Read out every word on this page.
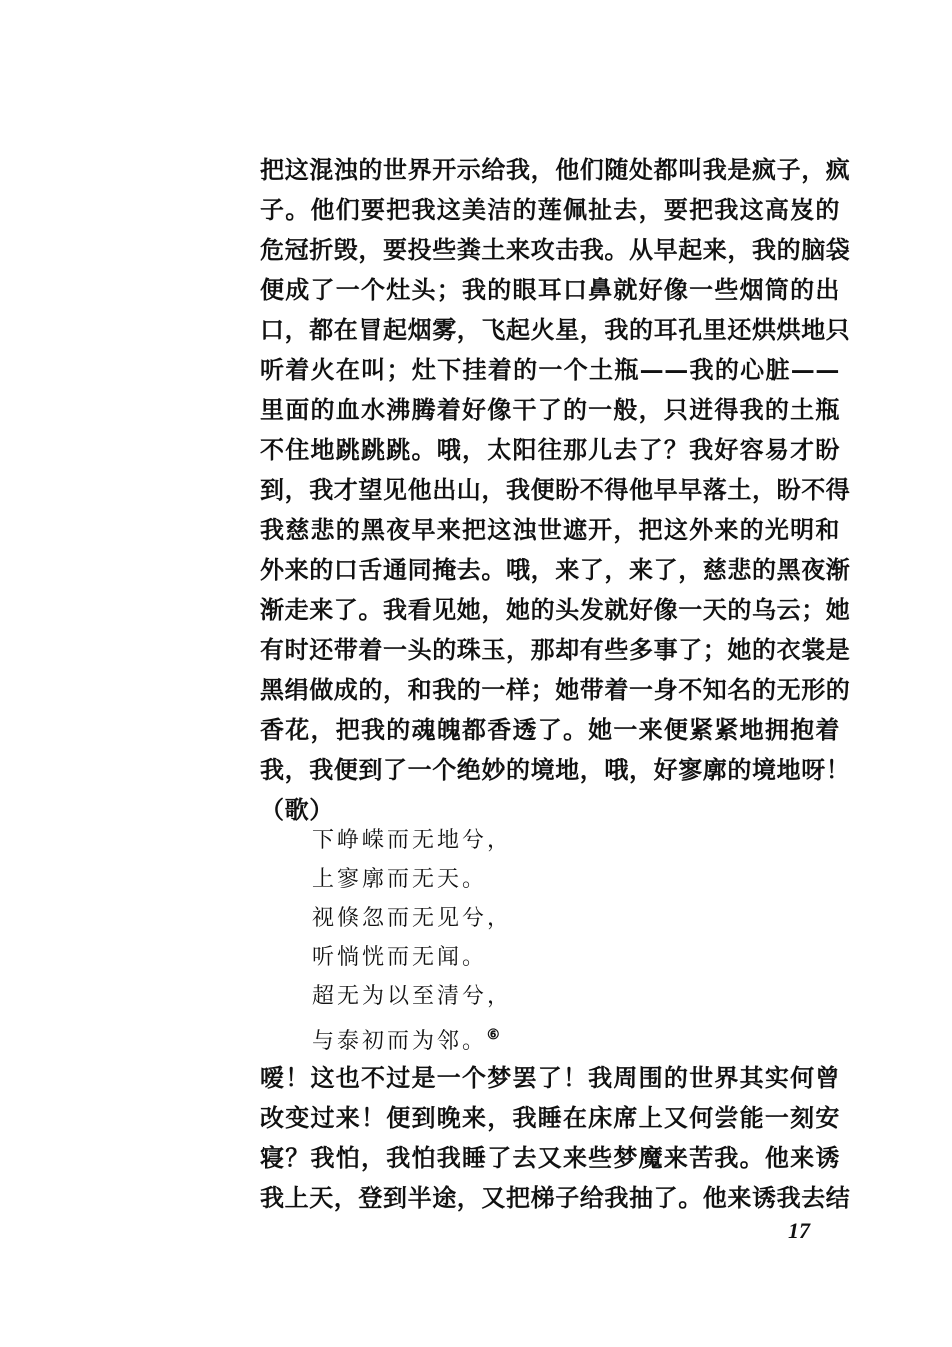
把这混浊的世界开示给我，他们随处都叫我是疯子，疯
子。他们要把我这美洁的莲佩扯去，要把我这高岌的
危冠折毁，要投些粪土来攻击我。从早起来，我的脑袋
便成了一个灶头；我的眼耳口鼻就好像一些烟筒的出
口，都在冒起烟雾，飞起火星，我的耳孔里还烘烘地只
听着火在叫；灶下挂着的一个土瓶——我的心脏——
里面的血水沸腾着好像干了的一般，只迸得我的土瓶
不住地跳跳跳。哦，太阳往那儿去了？我好容易才盼
到，我才望见他出山，我便盼不得他早早落土，盼不得
我慈悲的黑夜早来把这浊世遮开，把这外来的光明和
外来的口舌通同掩去。哦，来了，来了，慈悲的黑夜渐
渐走来了。我看见她，她的头发就好像一天的乌云；她
有时还带着一头的珠玉，那却有些多事了；她的衣裳是
黑绢做成的，和我的一样；她带着一身不知名的无形的
香花，把我的魂魄都香透了。她一来便紧紧地拥抱着
我，我便到了一个绝妙的境地，哦，好寥廓的境地呀！
（歌）
下峥嵘而无地兮，
上寥廓而无天。
视倏忽而无见兮，
听惝恍而无闻。
超无为以至清兮，
与泰初而为邻。⑥
嗳！这也不过是一个梦罢了！我周围的世界其实何曾
改变过来！便到晚来，我睡在床席上又何尝能一刻安
寝？我怕，我怕我睡了去又来些梦魔来苦我。他来诱
我上天，登到半途，又把梯子给我抽了。他来诱我去结
17
